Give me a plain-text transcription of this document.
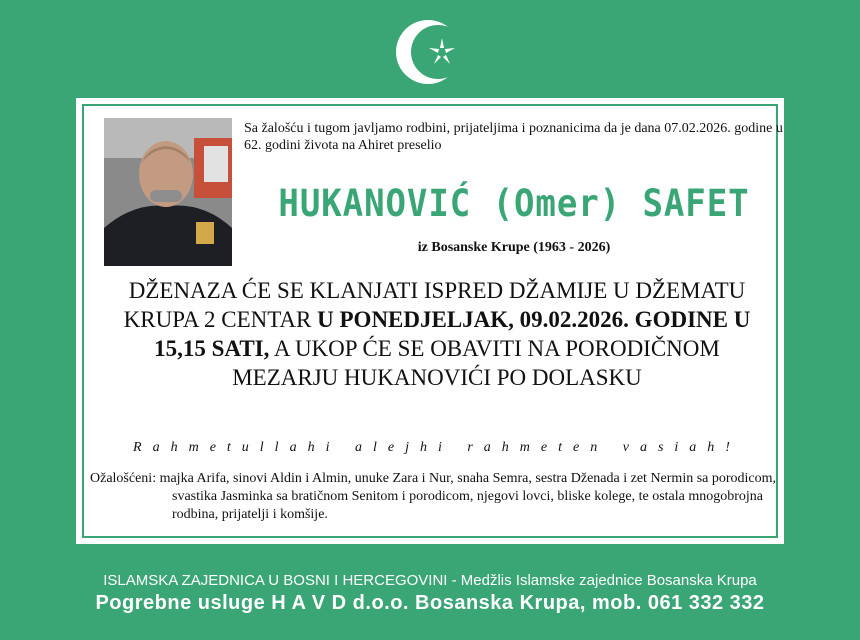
Sa žalošću i tugom javljamo rodbini, prijateljima i poznanicima da je dana 07.02.2026. godine u 62. godini života na Ahiret preselio
HUKANOVIĆ (Omer) SAFET
iz Bosanske Krupe (1963 - 2026)
DŽENAZA ĆE SE KLANJATI ISPRED DŽAMIJE U DŽEMATU KRUPA 2 CENTAR U PONEDJELJAK, 09.02.2026. GODINE U 15,15 SATI, A UKOP ĆE SE OBAVITI NA PORODIČNOM MEZARJU HUKANOVIĆI PO DOLASKU
Rahmetullahi alejhi rahmeten vasiah!
Ožalošćeni: majka Arifa, sinovi Aldin i Almin, unuke Zara i Nur, snaha Semra, sestra Dženada i zet Nermin sa porodicom, svastika Jasminka sa bratičnom Senitom i porodicom, njegovi lovci, bliske kolege, te ostala mnogobrojna rodbina, prijatelji i komšije.
ISLAMSKA ZAJEDNICA U BOSNI I HERCEGOVINI - Medžlis Islamske zajednice Bosanska Krupa
Pogrebne usluge H A V D d.o.o. Bosanska Krupa, mob. 061 332 332
